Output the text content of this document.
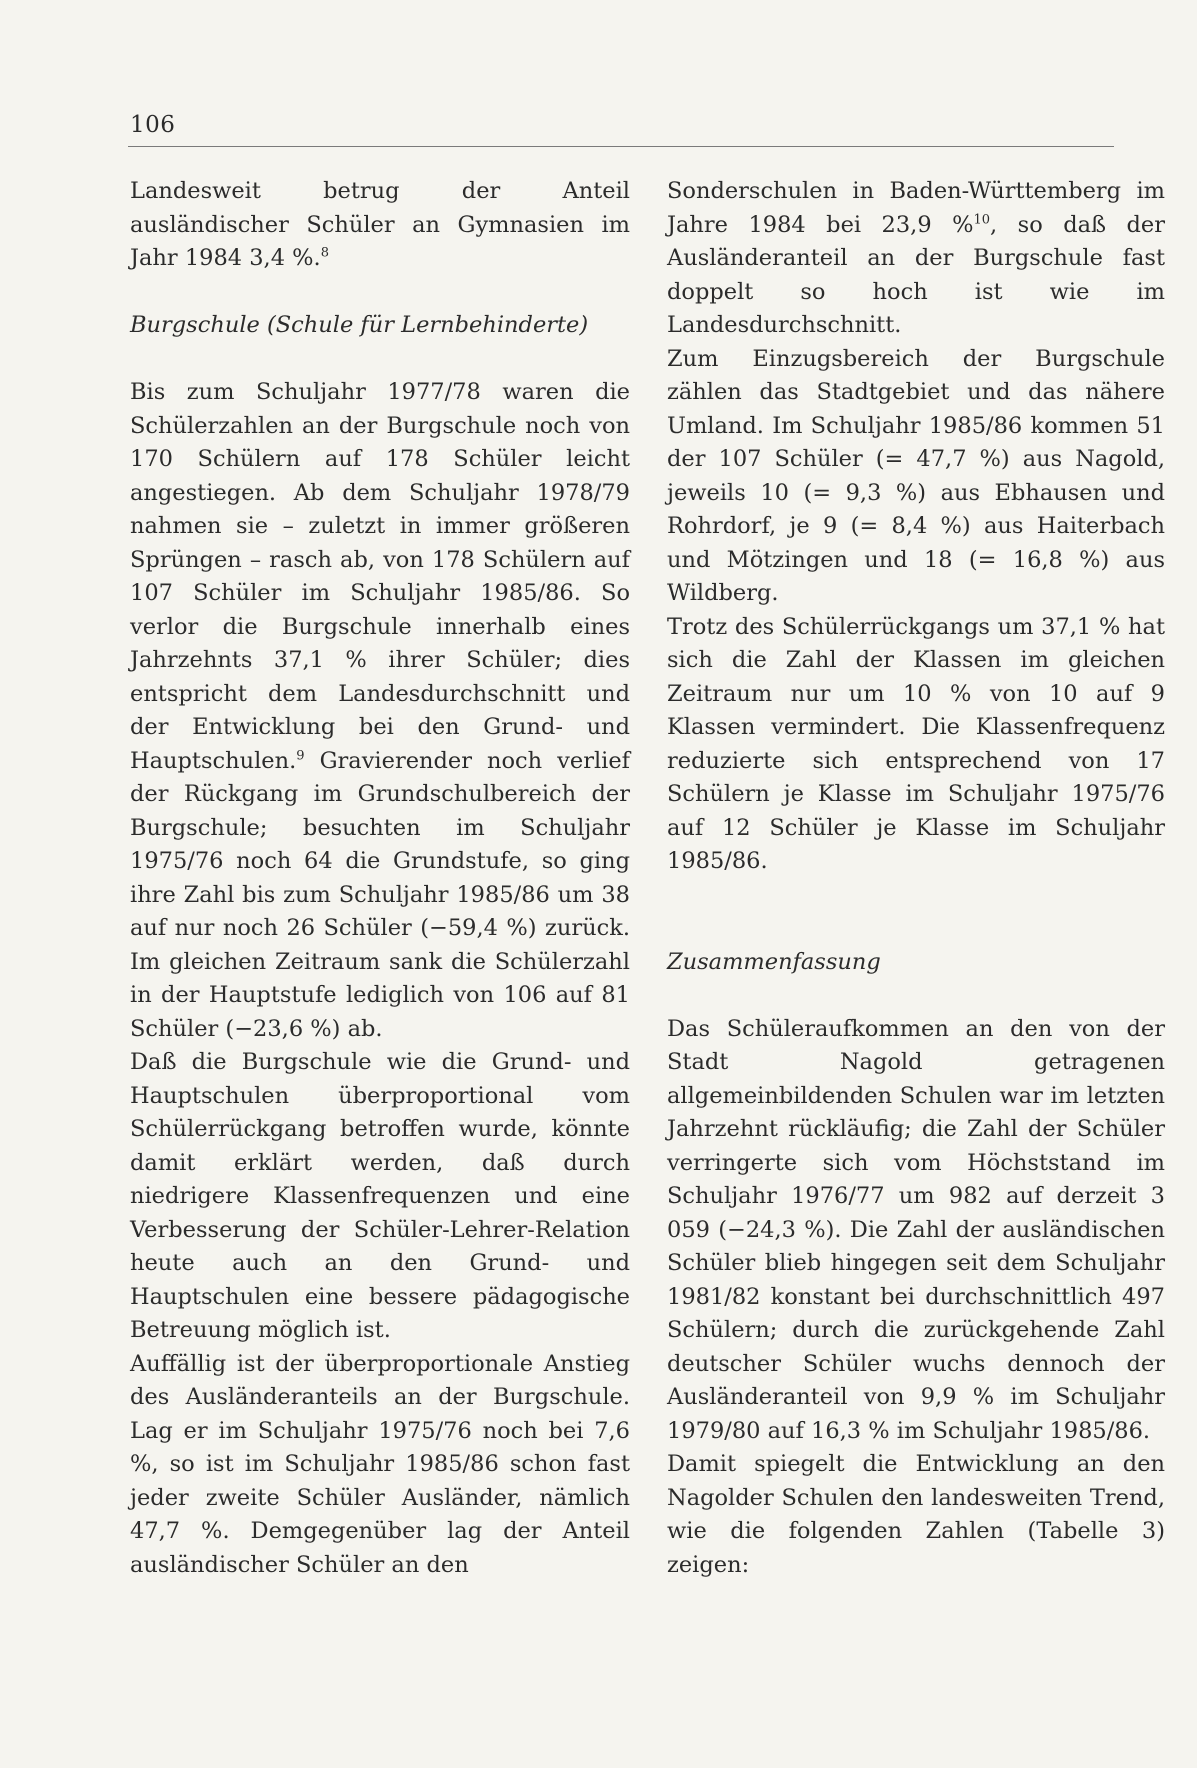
106

Landesweit betrug der Anteil ausländischer Schüler an Gymnasien im Jahr 1984 3,4 %.$^8$

Burgschule (Schule für Lernbehinderte)

Bis zum Schuljahr 1977/78 waren die Schülerzahlen an der Burgschule noch von 170 Schülern auf 178 Schüler leicht angestiegen. Ab dem Schuljahr 1978/79 nahmen sie – zuletzt in immer größeren Sprüngen – rasch ab, von 178 Schülern auf 107 Schüler im Schuljahr 1985/86. So verlor die Burgschule innerhalb eines Jahrzehnts 37,1 % ihrer Schüler; dies entspricht dem Landesdurchschnitt und der Entwicklung bei den Grund- und Hauptschulen.$^9$ Gravierender noch verlief der Rückgang im Grundschulbereich der Burgschule; besuchten im Schuljahr 1975/76 noch 64 die Grundstufe, so ging ihre Zahl bis zum Schuljahr 1985/86 um 38 auf nur noch 26 Schüler (−59,4 %) zurück. Im gleichen Zeitraum sank die Schülerzahl in der Hauptstufe lediglich von 106 auf 81 Schüler (−23,6 %) ab.

Daß die Burgschule wie die Grund- und Hauptschulen überproportional vom Schülerrückgang betroffen wurde, könnte damit erklärt werden, daß durch niedrigere Klassenfrequenzen und eine Verbesserung der Schüler-Lehrer-Relation heute auch an den Grund- und Hauptschulen eine bessere pädagogische Betreuung möglich ist.

Auffällig ist der überproportionale Anstieg des Ausländeranteils an der Burgschule. Lag er im Schuljahr 1975/76 noch bei 7,6 %, so ist im Schuljahr 1985/86 schon fast jeder zweite Schüler Ausländer, nämlich 47,7 %. Demgegenüber lag der Anteil ausländischer Schüler an den

Sonderschulen in Baden-Württemberg im Jahre 1984 bei 23,9 %$^{10}$, so daß der Ausländeranteil an der Burgschule fast doppelt so hoch ist wie im Landesdurchschnitt.

Zum Einzugsbereich der Burgschule zählen das Stadtgebiet und das nähere Umland. Im Schuljahr 1985/86 kommen 51 der 107 Schüler (= 47,7 %) aus Nagold, jeweils 10 (= 9,3 %) aus Ebhausen und Rohrdorf, je 9 (= 8,4 %) aus Haiterbach und Mötzingen und 18 (= 16,8 %) aus Wildberg.

Trotz des Schülerrückgangs um 37,1 % hat sich die Zahl der Klassen im gleichen Zeitraum nur um 10 % von 10 auf 9 Klassen vermindert. Die Klassenfrequenz reduzierte sich entsprechend von 17 Schülern je Klasse im Schuljahr 1975/76 auf 12 Schüler je Klasse im Schuljahr 1985/86.

Zusammenfassung

Das Schüleraufkommen an den von der Stadt Nagold getragenen allgemeinbildenden Schulen war im letzten Jahrzehnt rückläufig; die Zahl der Schüler verringerte sich vom Höchststand im Schuljahr 1976/77 um 982 auf derzeit 3 059 (−24,3 %). Die Zahl der ausländischen Schüler blieb hingegen seit dem Schuljahr 1981/82 konstant bei durchschnittlich 497 Schülern; durch die zurückgehende Zahl deutscher Schüler wuchs dennoch der Ausländeranteil von 9,9 % im Schuljahr 1979/80 auf 16,3 % im Schuljahr 1985/86.

Damit spiegelt die Entwicklung an den Nagolder Schulen den landesweiten Trend, wie die folgenden Zahlen (Tabelle 3) zeigen:
